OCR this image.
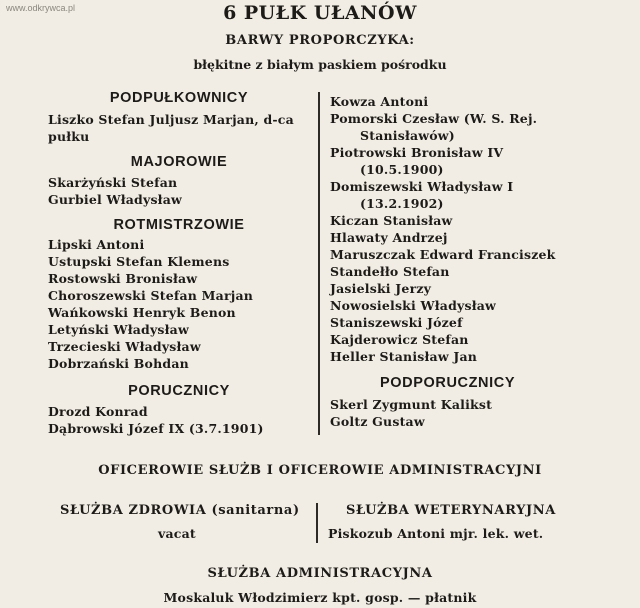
www.odkrywca.pl	6 PUŁK UŁANÓW
BARWY PROPORCZYKA:
błękitne z białym paskiem pośrodku
PODPUŁKOWNICY
Liszko Stefan Juljusz Marjan, d-ca
pułku
MAJOROWIE
Skarżyński Stefan
Gurbiel Władysław
ROTMISTRZOWIE
Lipski Antoni
Ustupski Stefan Klemens
Rostowski Bronisław
Choroszewski Stefan Marjan
Wańkowski Henryk Benon
Letyński Władysław
Trzecieski Władysław
Dobrzański Bohdan
PORUCZNICY
Drozd Konrad
Dąbrowski Józef IX (3.7.1901)
Kowza Antoni
Pomorski Czesław (W. S. Rej.
Stanisławów)
Piotrowski Bronisław IV
(10.5.1900)
Domiszewski Władysław I
(13.2.1902)
Kiczan Stanisław
Hlawaty Andrzej
Maruszczak Edward Franciszek
Standełło Stefan
Jasielski Jerzy
Nowosielski Władysław
Staniszewski Józef
Kajderowicz Stefan
Heller Stanisław Jan
PODPORUCZNICY
Skerl Zygmunt Kalikst
Goltz Gustaw
OFICEROWIE SŁUŻB I OFICEROWIE ADMINISTRACYJNI
SŁUŻBA ZDROWIA (sanitarna)
vacat
SŁUŻBA WETERYNARYJNA
Piskozub Antoni mjr. lek. wet.
SŁUŻBA ADMINISTRACYJNA
Moskaluk Włodzimierz kpt. gosp. — płatnik
